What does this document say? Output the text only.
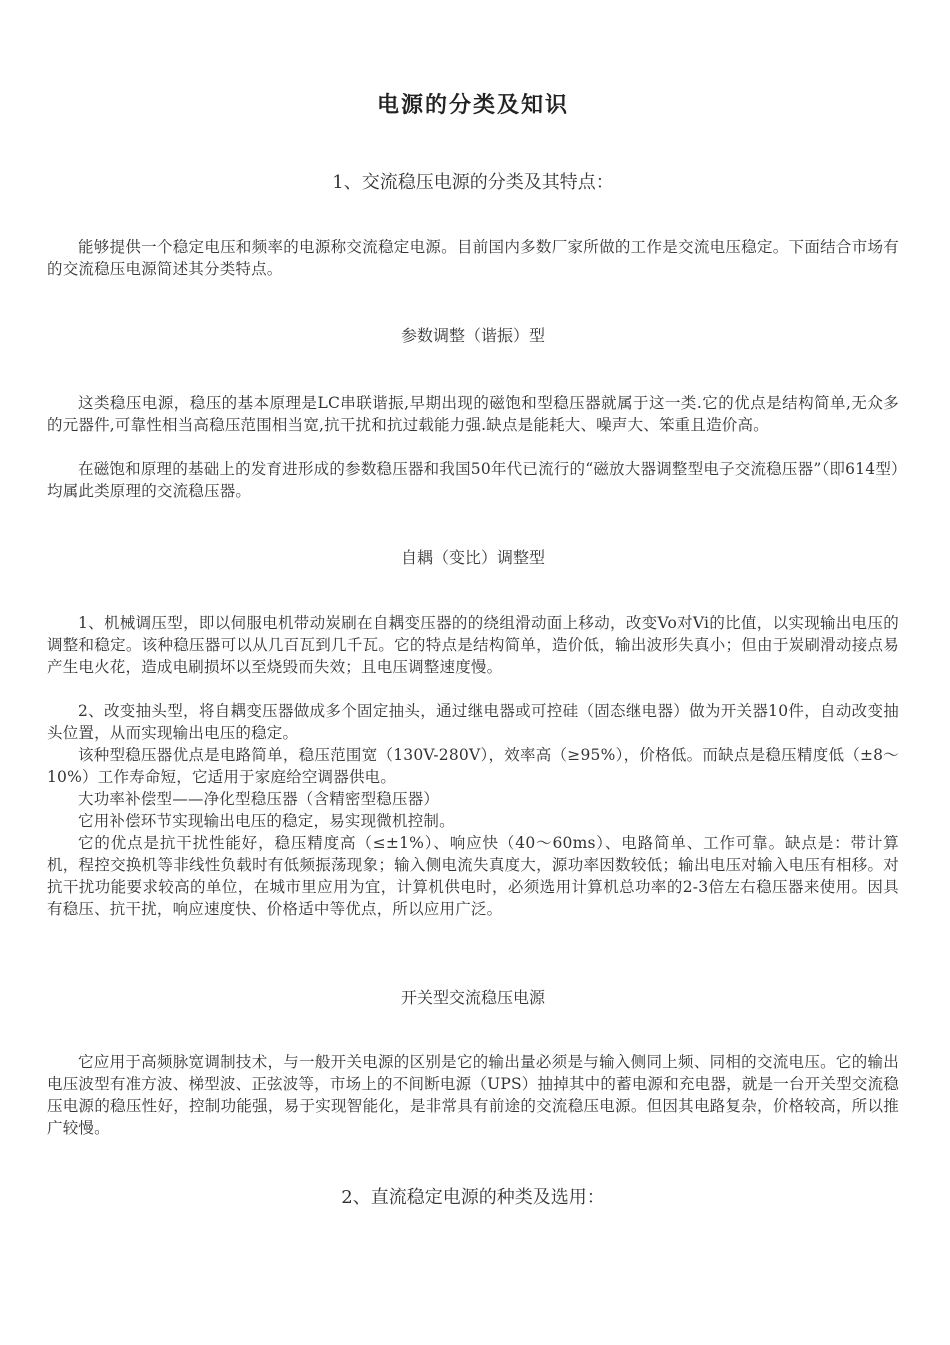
电源的分类及知识
1、交流稳压电源的分类及其特点：

能够提供一个稳定电压和频率的电源称交流稳定电源。目前国内多数厂家所做的工作是交流电压稳定。下面结合市场有的交流稳压电源简述其分类特点。

参数调整（谐振）型

这类稳压电源，稳压的基本原理是LC串联谐振,早期出现的磁饱和型稳压器就属于这一类.它的优点是结构简单,无众多的元器件,可靠性相当高稳压范围相当宽,抗干扰和抗过载能力强.缺点是能耗大、噪声大、笨重且造价高。

在磁饱和原理的基础上的发育进形成的参数稳压器和我国50年代已流行的“磁放大器调整型电子交流稳压器”（即614型）均属此类原理的交流稳压器。

自耦（变比）调整型

1、机械调压型，即以伺服电机带动炭刷在自耦变压器的的绕组滑动面上移动，改变Vo对Vi的比值，以实现输出电压的调整和稳定。该种稳压器可以从几百瓦到几千瓦。它的特点是结构简单，造价低，输出波形失真小；但由于炭刷滑动接点易产生电火花，造成电刷损坏以至烧毁而失效；且电压调整速度慢。

2、改变抽头型，将自耦变压器做成多个固定抽头，通过继电器或可控硅（固态继电器）做为开关器10件，自动改变抽头位置，从而实现输出电压的稳定。

该种型稳压器优点是电路简单，稳压范围宽（130V-280V），效率高（≥95%），价格低。而缺点是稳压精度低（±8～10%）工作寿命短，它适用于家庭给空调器供电。

大功率补偿型——净化型稳压器（含精密型稳压器）

它用补偿环节实现输出电压的稳定，易实现微机控制。

它的优点是抗干扰性能好，稳压精度高（≤±1%）、响应快（40～60ms）、电路简单、工作可靠。缺点是：带计算机，程控交换机等非线性负载时有低频振荡现象；输入侧电流失真度大，源功率因数较低；输出电压对输入电压有相移。对抗干扰功能要求较高的单位，在城市里应用为宜，计算机供电时，必须选用计算机总功率的2-3倍左右稳压器来使用。因具有稳压、抗干扰，响应速度快、价格适中等优点，所以应用广泛。

开关型交流稳压电源

它应用于高频脉宽调制技术，与一般开关电源的区别是它的输出量必须是与输入侧同上频、同相的交流电压。它的输出电压波型有准方波、梯型波、正弦波等，市场上的不间断电源（UPS）抽掉其中的蓄电源和充电器，就是一台开关型交流稳压电源的稳压性好，控制功能强，易于实现智能化，是非常具有前途的交流稳压电源。但因其电路复杂，价格较高，所以推广较慢。

2、直流稳定电源的种类及选用：
